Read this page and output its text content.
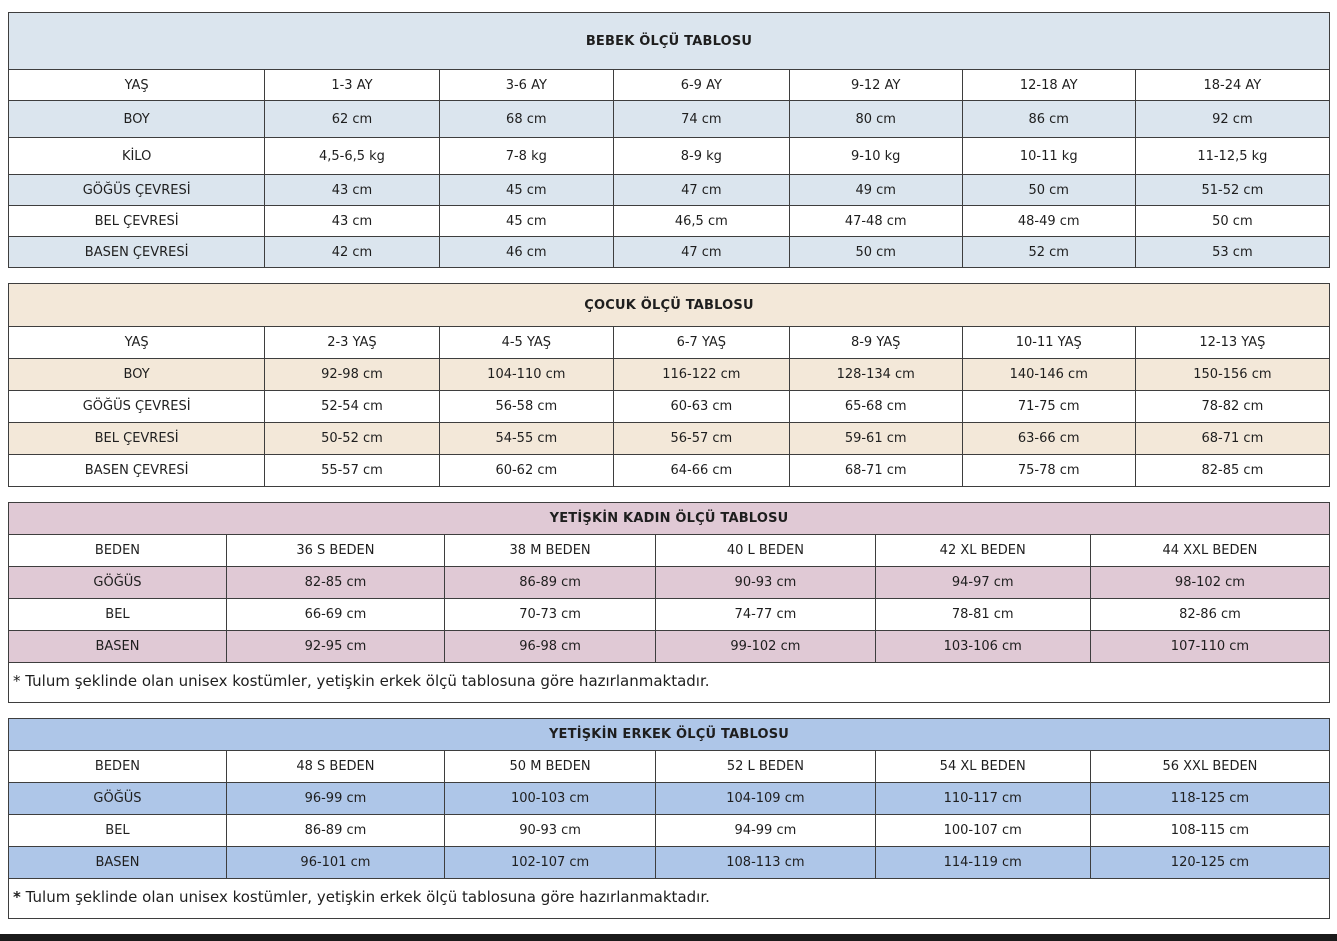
BEBEK ÖLÇÜ TABLOSU						
YAŞ	1-3 AY	3-6 AY	6-9 AY	9-12 AY	12-18 AY	18-24 AY
BOY	62 cm	68 cm	74 cm	80 cm	86 cm	92 cm
KİLO	4,5-6,5 kg	7-8 kg	8-9 kg	9-10 kg	10-11 kg	11-12,5 kg
GÖĞÜS ÇEVRESİ	43 cm	45 cm	47 cm	49 cm	50 cm	51-52 cm
BEL ÇEVRESİ	43 cm	45 cm	46,5 cm	47-48 cm	48-49 cm	50 cm
BASEN ÇEVRESİ	42 cm	46 cm	47 cm	50 cm	52 cm	53 cm
ÇOCUK ÖLÇÜ TABLOSU						
YAŞ	2-3 YAŞ	4-5 YAŞ	6-7 YAŞ	8-9 YAŞ	10-11 YAŞ	12-13 YAŞ
BOY	92-98 cm	104-110 cm	116-122 cm	128-134 cm	140-146 cm	150-156 cm
GÖĞÜS ÇEVRESİ	52-54 cm	56-58 cm	60-63 cm	65-68 cm	71-75 cm	78-82 cm
BEL ÇEVRESİ	50-52 cm	54-55 cm	56-57 cm	59-61 cm	63-66 cm	68-71 cm
BASEN ÇEVRESİ	55-57 cm	60-62 cm	64-66 cm	68-71 cm	75-78 cm	82-85 cm
YETİŞKİN KADIN ÖLÇÜ TABLOSU					
BEDEN	36 S BEDEN	38 M BEDEN	40 L BEDEN	42 XL BEDEN	44 XXL BEDEN
GÖĞÜS	82-85 cm	86-89 cm	90-93 cm	94-97 cm	98-102 cm
BEL	66-69 cm	70-73 cm	74-77 cm	78-81 cm	82-86 cm
BASEN	92-95 cm	96-98 cm	99-102 cm	103-106 cm	107-110 cm
* Tulum şeklinde olan unisex kostümler, yetişkin erkek ölçü tablosuna göre hazırlanmaktadır.					
YETİŞKİN ERKEK ÖLÇÜ TABLOSU					
BEDEN	48 S BEDEN	50 M BEDEN	52 L BEDEN	54 XL BEDEN	56 XXL BEDEN
GÖĞÜS	96-99 cm	100-103 cm	104-109 cm	110-117 cm	118-125 cm
BEL	86-89 cm	90-93 cm	94-99 cm	100-107 cm	108-115 cm
BASEN	96-101 cm	102-107 cm	108-113 cm	114-119 cm	120-125 cm
* Tulum şeklinde olan unisex kostümler, yetişkin erkek ölçü tablosuna göre hazırlanmaktadır.					
